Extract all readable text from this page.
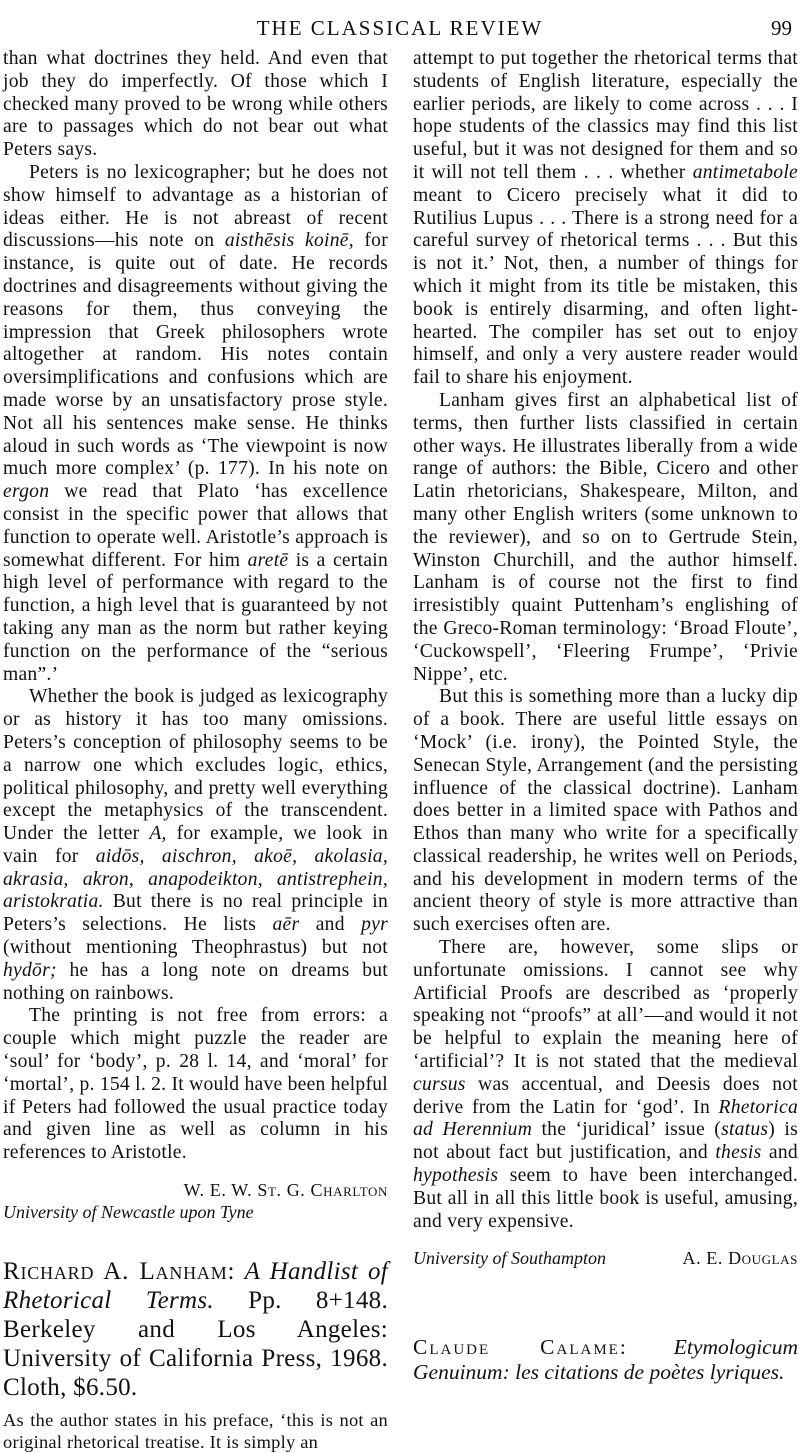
THE CLASSICAL REVIEW	99

than what doctrines they held. And even that job they do imperfectly. Of those which I checked many proved to be wrong while others are to passages which do not bear out what Peters says.

Peters is no lexicographer; but he does not show himself to advantage as a historian of ideas either. He is not abreast of recent discussions—his note on aisthēsis koinē, for instance, is quite out of date. He records doctrines and disagreements without giving the reasons for them, thus conveying the impression that Greek philosophers wrote altogether at random. His notes contain oversimplifications and confusions which are made worse by an unsatisfactory prose style. Not all his sentences make sense. He thinks aloud in such words as ‘The viewpoint is now much more complex’ (p. 177). In his note on ergon we read that Plato ‘has excellence consist in the specific power that allows that function to operate well. Aristotle’s approach is somewhat different. For him aretē is a certain high level of performance with regard to the function, a high level that is guaranteed by not taking any man as the norm but rather keying function on the performance of the “serious man”.’

Whether the book is judged as lexicography or as history it has too many omissions. Peters’s conception of philosophy seems to be a narrow one which excludes logic, ethics, political philosophy, and pretty well everything except the metaphysics of the transcendent. Under the letter A, for example, we look in vain for aidōs, aischron, akoē, akolasia, akrasia, akron, anapodeikton, antistrephein, aristokratia. But there is no real principle in Peters’s selections. He lists aēr and pyr (without mentioning Theophrastus) but not hydōr; he has a long note on dreams but nothing on rainbows.

The printing is not free from errors: a couple which might puzzle the reader are ‘soul’ for ‘body’, p. 28 l. 14, and ‘moral’ for ‘mortal’, p. 154 l. 2. It would have been helpful if Peters had followed the usual practice today and given line as well as column in his references to Aristotle.

W. E. W. St. G. Charlton
University of Newcastle upon Tyne
Richard A. Lanham: A Handlist of Rhetorical Terms. Pp. 8+148. Berkeley and Los Angeles: University of California Press, 1968. Cloth, $6.50.

As the author states in his preface, ‘this is not an original rhetorical treatise. It is simply an

attempt to put together the rhetorical terms that students of English literature, especially the earlier periods, are likely to come across . . . I hope students of the classics may find this list useful, but it was not designed for them and so it will not tell them . . . whether antimetabole meant to Cicero precisely what it did to Rutilius Lupus . . . There is a strong need for a careful survey of rhetorical terms . . . But this is not it.’ Not, then, a number of things for which it might from its title be mistaken, this book is entirely disarming, and often light-hearted. The compiler has set out to enjoy himself, and only a very austere reader would fail to share his enjoyment.

Lanham gives first an alphabetical list of terms, then further lists classified in certain other ways. He illustrates liberally from a wide range of authors: the Bible, Cicero and other Latin rhetoricians, Shakespeare, Milton, and many other English writers (some unknown to the reviewer), and so on to Gertrude Stein, Winston Churchill, and the author himself. Lanham is of course not the first to find irresistibly quaint Puttenham’s englishing of the Greco-Roman terminology: ‘Broad Floute’, ‘Cuckowspell’, ‘Fleering Frumpe’, ‘Privie Nippe’, etc.

But this is something more than a lucky dip of a book. There are useful little essays on ‘Mock’ (i.e. irony), the Pointed Style, the Senecan Style, Arrangement (and the persisting influence of the classical doctrine). Lanham does better in a limited space with Pathos and Ethos than many who write for a specifically classical readership, he writes well on Periods, and his development in modern terms of the ancient theory of style is more attractive than such exercises often are.

There are, however, some slips or unfortunate omissions. I cannot see why Artificial Proofs are described as ‘properly speaking not “proofs” at all’—and would it not be helpful to explain the meaning here of ‘artificial’? It is not stated that the medieval cursus was accentual, and Deesis does not derive from the Latin for ‘god’. In Rhetorica ad Herennium the ‘juridical’ issue (status) is not about fact but justification, and thesis and hypothesis seem to have been interchanged. But all in all this little book is useful, amusing, and very expensive.

University of Southampton	A. E. Douglas
Claude Calame: Etymologicum Genuinum: les citations de poètes lyriques.
